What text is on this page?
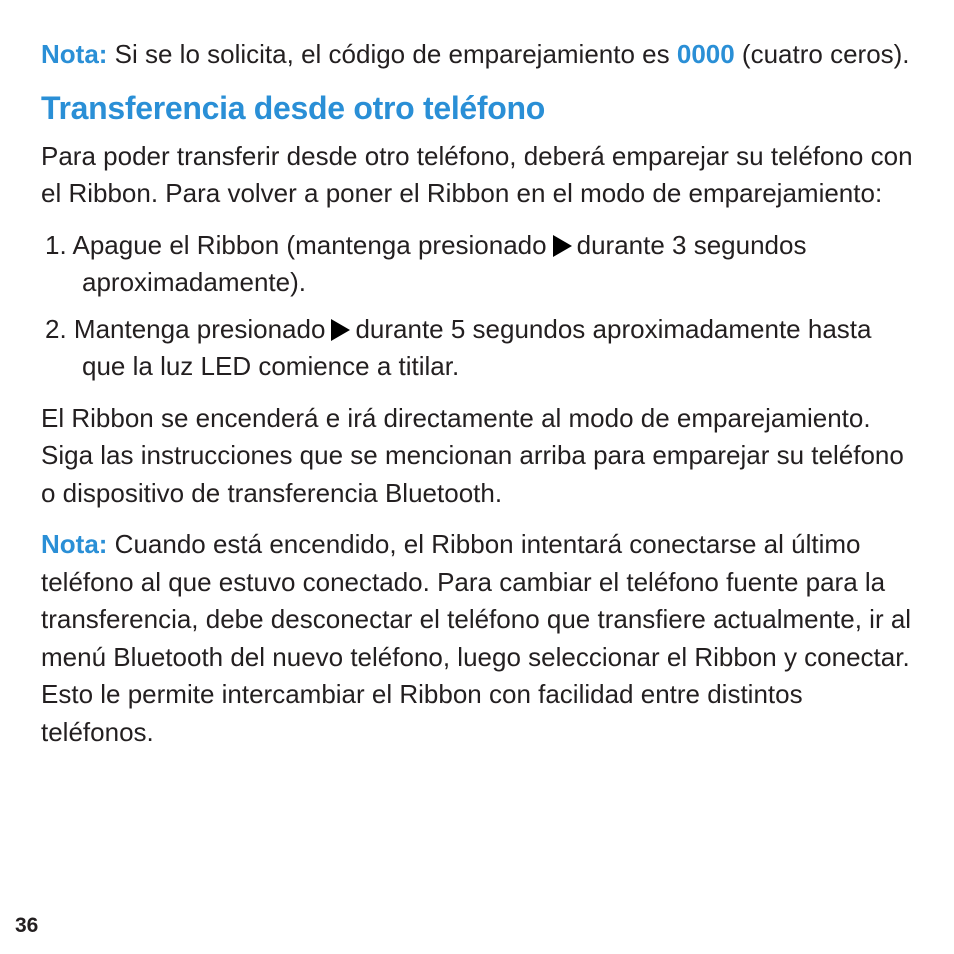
Nota: Si se lo solicita, el código de emparejamiento es 0000 (cuatro ceros).

Transferencia desde otro teléfono

Para poder transferir desde otro teléfono, deberá emparejar su teléfono con el Ribbon. Para volver a poner el Ribbon en el modo de emparejamiento:

1. Apague el Ribbon (mantenga presionado durante 3 segundos aproximadamente).
2. Mantenga presionado durante 5 segundos aproximadamente hasta que la luz LED comience a titilar.

El Ribbon se encenderá e irá directamente al modo de emparejamiento. Siga las instrucciones que se mencionan arriba para emparejar su teléfono o dispositivo de transferencia Bluetooth.

Nota: Cuando está encendido, el Ribbon intentará conectarse al último teléfono al que estuvo conectado. Para cambiar el teléfono fuente para la transferencia, debe desconectar el teléfono que transfiere actualmente, ir al menú Bluetooth del nuevo teléfono, luego seleccionar el Ribbon y conectar. Esto le permite intercambiar el Ribbon con facilidad entre distintos teléfonos.

36
